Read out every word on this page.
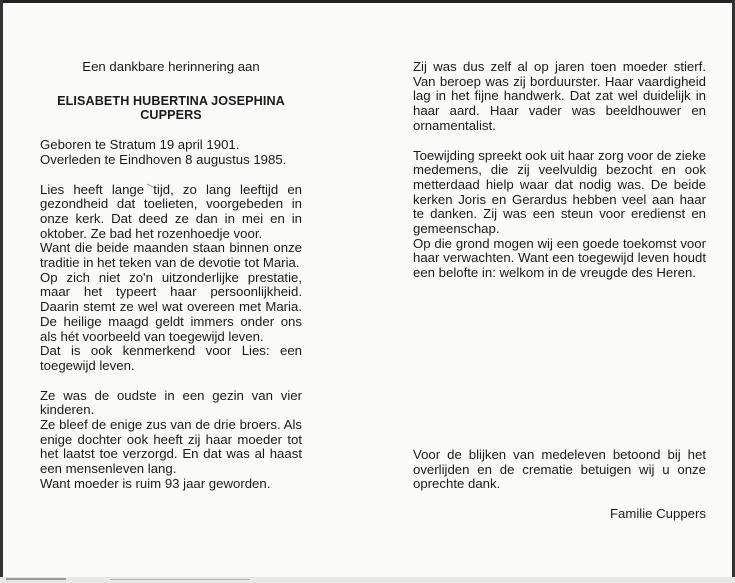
Een dankbare herinnering aan

ELISABETH HUBERTINA JOSEPHINA
CUPPERS

Geboren te Stratum 19 april 1901.

Overleden te Eindhoven 8 augustus 1985.

Lies heeft lange tijd, zo lang leeftijd en gezondheid dat toelieten, voorgebeden in onze kerk. Dat deed ze dan in mei en in oktober. Ze bad het rozenhoedje voor.

Want die beide maanden staan binnen onze traditie in het teken van de devotie tot Maria.

Op zich niet zo'n uitzonderlijke prestatie, maar het typeert haar persoonlijkheid. Daarin stemt ze wel wat overeen met Maria. De heilige maagd geldt immers onder ons als hét voorbeeld van toegewijd leven.

Dat is ook kenmerkend voor Lies: een toegewijd leven.

Ze was de oudste in een gezin van vier kinderen.

Ze bleef de enige zus van de drie broers. Als enige dochter ook heeft zij haar moeder tot het laatst toe verzorgd. En dat was al haast een mensenleven lang.

Want moeder is ruim 93 jaar geworden.

Zij was dus zelf al op jaren toen moeder stierf. Van beroep was zij borduurster. Haar vaardigheid lag in het fijne handwerk. Dat zat wel duidelijk in haar aard. Haar vader was beeldhouwer en ornamentalist.

Toewijding spreekt ook uit haar zorg voor de zieke medemens, die zij veelvuldig bezocht en ook metterdaad hielp waar dat nodig was. De beide kerken Joris en Gerardus hebben veel aan haar te danken. Zij was een steun voor eredienst en gemeenschap.

Op die grond mogen wij een goede toekomst voor haar verwachten. Want een toegewijd leven houdt een belofte in: welkom in de vreugde des Heren.

Voor de blijken van medeleven betoond bij het overlijden en de crematie betuigen wij u onze oprechte dank.

Familie Cuppers
